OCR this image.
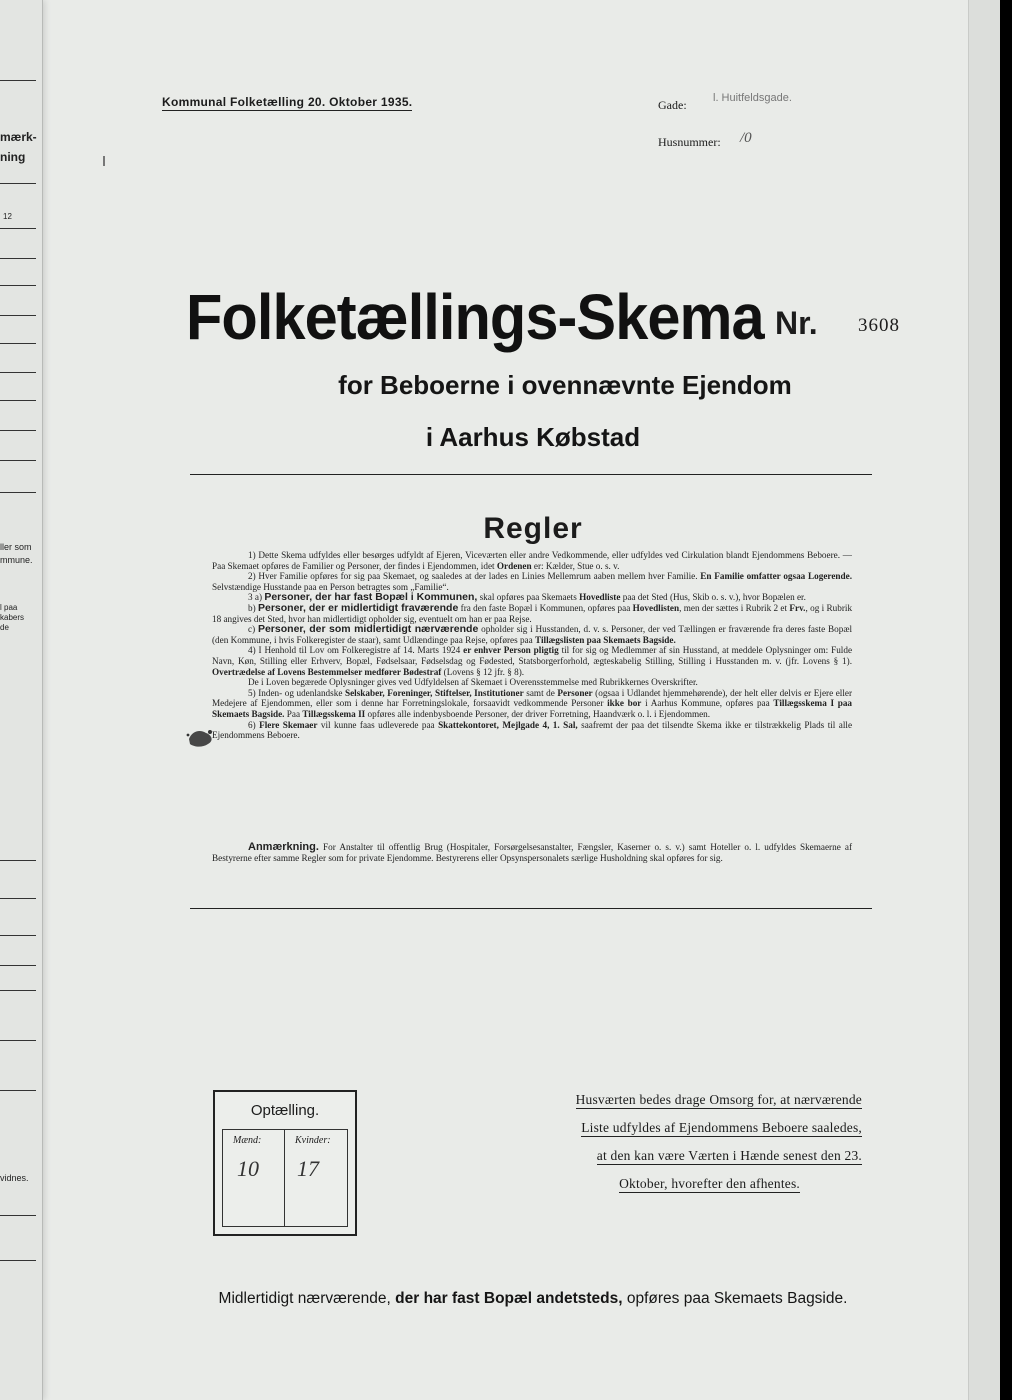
mærk-
ning
12
ller som
mmune.
l paa
kabers
de
vidnes.
Kommunal Folketælling 20. Oktober 1935.	Gade: l. Huitfeldsgade.
Husnummer: /0
Folketællings-Skema Nr. 3608
for Beboerne i ovennævnte Ejendom
i Aarhus Købstad
Regler

1) Dette Skema udfyldes eller besørges udfyldt af Ejeren, Viceværten eller andre Vedkommende, eller udfyldes ved Cirkulation blandt Ejendommens Beboere. — Paa Skemaet opføres de Familier og Personer, der findes i Ejendommen, idet Ordenen er: Kælder, Stue o. s. v.

2) Hver Familie opføres for sig paa Skemaet, og saaledes at der lades en Linies Mellemrum aaben mellem hver Familie. En Familie omfatter ogsaa Logerende. Selvstændige Husstande paa en Person betragtes som „Familie“.

3 a) Personer, der har fast Bopæl i Kommunen, skal opføres paa Skemaets Hovedliste paa det Sted (Hus, Skib o. s. v.), hvor Bopælen er.

b) Personer, der er midlertidigt fraværende fra den faste Bopæl i Kommunen, opføres paa Hovedlisten, men der sættes i Rubrik 2 et Frv., og i Rubrik 18 angives det Sted, hvor han midlertidigt opholder sig, eventuelt om han er paa Rejse.

c) Personer, der som midlertidigt nærværende opholder sig i Husstanden, d. v. s. Personer, der ved Tællingen er fraværende fra deres faste Bopæl (den Kommune, i hvis Folkeregister de staar), samt Udlændinge paa Rejse, opføres paa Tillægslisten paa Skemaets Bagside.

4) I Henhold til Lov om Folkeregistre af 14. Marts 1924 er enhver Person pligtig til for sig og Medlemmer af sin Husstand, at meddele Oplysninger om: Fulde Navn, Køn, Stilling eller Erhverv, Bopæl, Fødselsaar, Fødselsdag og Fødested, Statsborgerforhold, ægteskabelig Stilling, Stilling i Husstanden m. v. (jfr. Lovens § 1). Overtrædelse af Lovens Bestemmelser medfører Bødestraf (Lovens § 12 jfr. § 8).

De i Loven begærede Oplysninger gives ved Udfyldelsen af Skemaet i Overensstemmelse med Rubrikkernes Overskrifter.

5) Inden- og udenlandske Selskaber, Foreninger, Stiftelser, Institutioner samt de Personer (ogsaa i Udlandet hjemmehørende), der helt eller delvis er Ejere eller Medejere af Ejendommen, eller som i denne har Forretningslokale, forsaavidt vedkommende Personer ikke bor i Aarhus Kommune, opføres paa Tillægsskema I paa Skemaets Bagside. Paa Tillægsskema II opføres alle indenbysboende Personer, der driver Forretning, Haandværk o. l. i Ejendommen.

6) Flere Skemaer vil kunne faas udleverede paa Skattekontoret, Mejlgade 4, 1. Sal, saafremt der paa det tilsendte Skema ikke er tilstrækkelig Plads til alle Ejendommens Beboere.

Anmærkning. For Anstalter til offentlig Brug (Hospitaler, Forsørgelsesanstalter, Fængsler, Kaserner o. s. v.) samt Hoteller o. l. udfyldes Skemaerne af Bestyrerne efter samme Regler som for private Ejendomme. Bestyrerens eller Opsynspersonalets særlige Husholdning skal opføres for sig.

Optælling.
Mænd:	Kvinder:
10 17
Husværten bedes drage Omsorg for, at nærværende
Liste udfyldes af Ejendommens Beboere saaledes,
at den kan være Værten i Hænde senest den 23.
Oktober, hvorefter den afhentes.
Midlertidigt nærværende, der har fast Bopæl andetsteds, opføres paa Skemaets Bagside.
